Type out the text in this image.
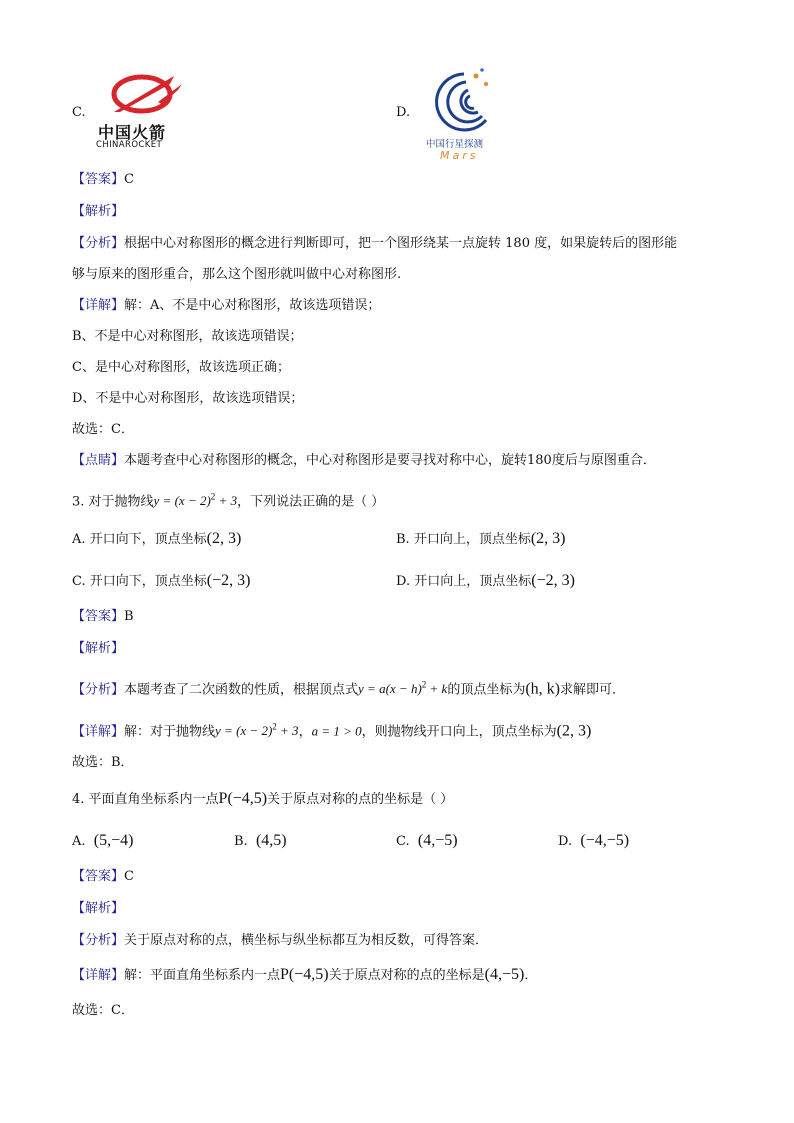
C.
中国火箭
CHINAROCKET
D.
中国行星探测
Mars
【答案】C
【解析】
【分析】根据中心对称图形的概念进行判断即可，把一个图形绕某一点旋转 180 度，如果旋转后的图形能
够与原来的图形重合，那么这个图形就叫做中心对称图形.
【详解】解：A、不是中心对称图形，故该选项错误；
B、不是中心对称图形，故该选项错误；
C、是中心对称图形，故该选项正确；
D、不是中心对称图形，故该选项错误；
故选：C．
【点睛】本题考查中心对称图形的概念，中心对称图形是要寻找对称中心，旋转180度后与原图重合．
3. 对于抛物线$y = (x - 2)^2 + 3$，下列说法正确的是（ ）
A. 开口向下，顶点坐标(2, 3)	B. 开口向上，顶点坐标(2, 3)
C. 开口向下，顶点坐标(−2, 3)	D. 开口向上，顶点坐标(−2, 3)
【答案】B
【解析】
【分析】本题考查了二次函数的性质，根据顶点式$y = a(x - h)^2 + k$的顶点坐标为(h, k)求解即可．
【详解】解：对于抛物线$y = (x - 2)^2 + 3$，a = 1 > 0，则抛物线开口向上，顶点坐标为(2, 3)
故选：B．
4. 平面直角坐标系内一点P(−4,5)关于原点对称的点的坐标是（ ）
A. (5,−4)	B. (4,5)	C. (4,−5)	D. (−4,−5)
【答案】C
【解析】
【分析】关于原点对称的点，横坐标与纵坐标都互为相反数，可得答案．
【详解】解：平面直角坐标系内一点P(−4,5)关于原点对称的点的坐标是(4,−5)．
故选：C．
